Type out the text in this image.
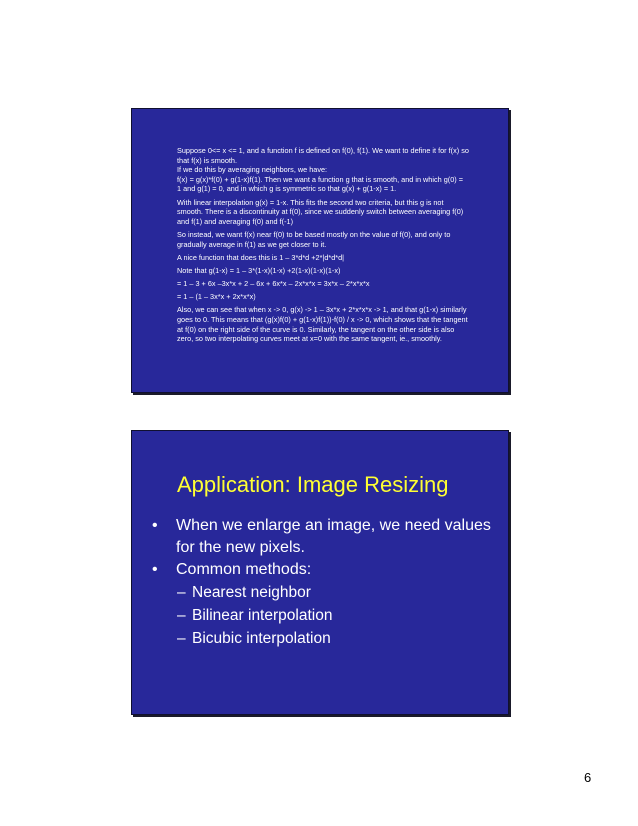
Suppose 0<= x <= 1, and a function f is defined on f(0), f(1). We want to define it for f(x) so that f(x) is smooth.
If we do this by averaging neighbors, we have:
f(x) = g(x)*f(0) + g(1-x)f(1). Then we want a function g that is smooth, and in which g(0) = 1 and g(1) = 0, and in which g is symmetric so that g(x) + g(1-x) = 1.

With linear interpolation g(x) = 1-x. This fits the second two criteria, but this g is not smooth. There is a discontinuity at f(0), since we suddenly switch between averaging f(0) and f(1) and averaging f(0) and f(-1)

So instead, we want f(x) near f(0) to be based mostly on the value of f(0), and only to gradually average in f(1) as we get closer to it.

A nice function that does this is 1 – 3*d*d +2*|d*d*d|

Note that g(1-x) = 1 – 3*(1-x)(1-x) +2(1-x)(1-x)(1-x)

= 1 – 3 + 6x –3x*x + 2 – 6x + 6x*x – 2x*x*x = 3x*x – 2*x*x*x

= 1 – (1 – 3x*x + 2x*x*x)

Also, we can see that when x -> 0, g(x) -> 1 – 3x*x + 2*x*x*x -> 1, and that g(1-x) similarly goes to 0. This means that (g(x)f(0) + g(1-x)f(1))-f(0) / x -> 0, which shows that the tangent at f(0) on the right side of the curve is 0. Similarly, the tangent on the other side is also zero, so two interpolating curves meet at x=0 with the same tangent, ie., smoothly.

Application: Image Resizing
•	When we enlarge an image, we need values for the new pixels.
•	Common methods:
– Nearest neighbor
– Bilinear interpolation
– Bicubic interpolation
6
